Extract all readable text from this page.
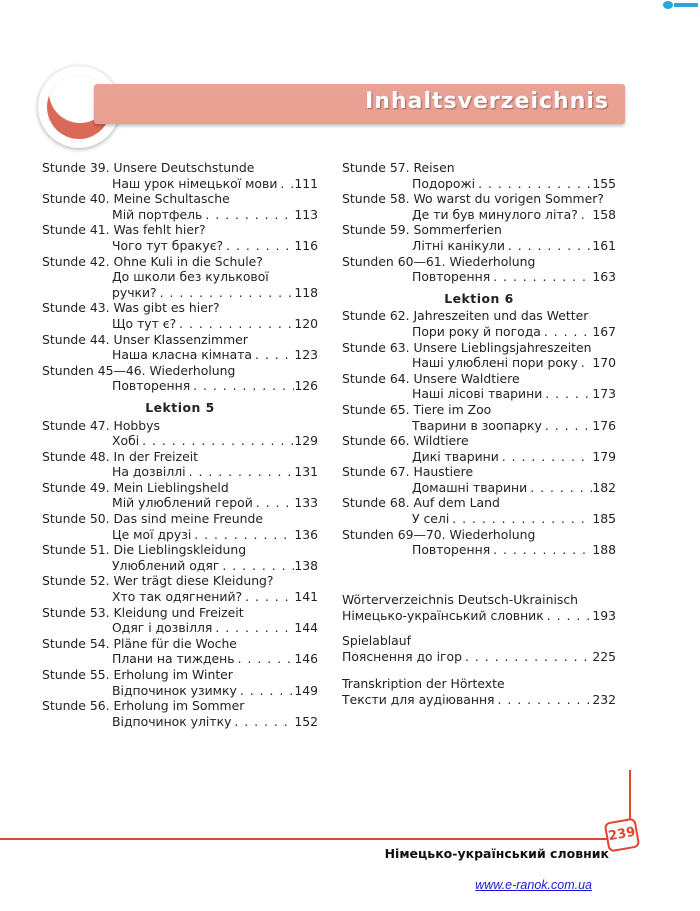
Inhaltsverzeichnis
Stunde 39. Unsere Deutschstunde
Наш урок німецької мови . . . 111
Stunde 40. Meine Schultasche
Мій портфель . . .	113
Stunde 41. Was fehlt hier?
Чого тут бракує? . . .	116
Stunde 42. Ohne Kuli in die Schule?
До школи без кулькової
ручки? . . .	118
Stunde 43. Was gibt es hier?
Що тут є? . . .	120
Stunde 44. Unser Klassenzimmer
Наша класна кімната . . .	123
Stunden 45—46. Wiederholung
Повторення . . .	126
Lektion 5
Stunde 47. Hobbys
Хобі . . .	129
Stunde 48. In der Freizeit
На дозвіллі . . .	131
Stunde 49. Mein Lieblingsheld
Мій улюблений герой . . .	133
Stunde 50. Das sind meine Freunde
Це мої друзі . . .	136
Stunde 51. Die Lieblingskleidung
Улюблений одяг . . .	138
Stunde 52. Wer trägt diese Kleidung?
Хто так одягнений? . . .	141
Stunde 53. Kleidung und Freizeit
Одяг і дозвілля . . .	144
Stunde 54. Pläne für die Woche
Плани на тиждень . . .	146
Stunde 55. Erholung im Winter
Відпочинок узимку . . .	149
Stunde 56. Erholung im Sommer
Відпочинок улітку . . .	152
Stunde 57. Reisen
Подорожі . . .	155
Stunde 58. Wo warst du vorigen Sommer?
Де ти був минулого літа? . . . 158
Stunde 59. Sommerferien
Літні канікули . . .	161
Stunden 60—61. Wiederholung
Повторення . . .	163
Lektion 6
Stunde 62. Jahreszeiten und das Wetter
Пори року й погода . . .	167
Stunde 63. Unsere Lieblingsjahreszeiten
Наші улюблені пори року . . . 170
Stunde 64. Unsere Waldtiere
Наші лісові тварини . . .	173
Stunde 65. Tiere im Zoo
Тварини в зоопарку . . .	176
Stunde 66. Wildtiere
Дикі тварини . . .	179
Stunde 67. Haustiere
Домашні тварини . . .	182
Stunde 68. Auf dem Land
У селі . . .	185
Stunden 69—70. Wiederholung
Повторення . . .	188
Wörterverzeichnis Deutsch-Ukrainisch
Німецько-український словник . . .	193
Spielablauf
Пояснення до ігор . . .	225
Transkription der Hörtexte
Тексти для аудіювання . . .	232
239
Німецько-український словник
www.e-ranok.com.ua
